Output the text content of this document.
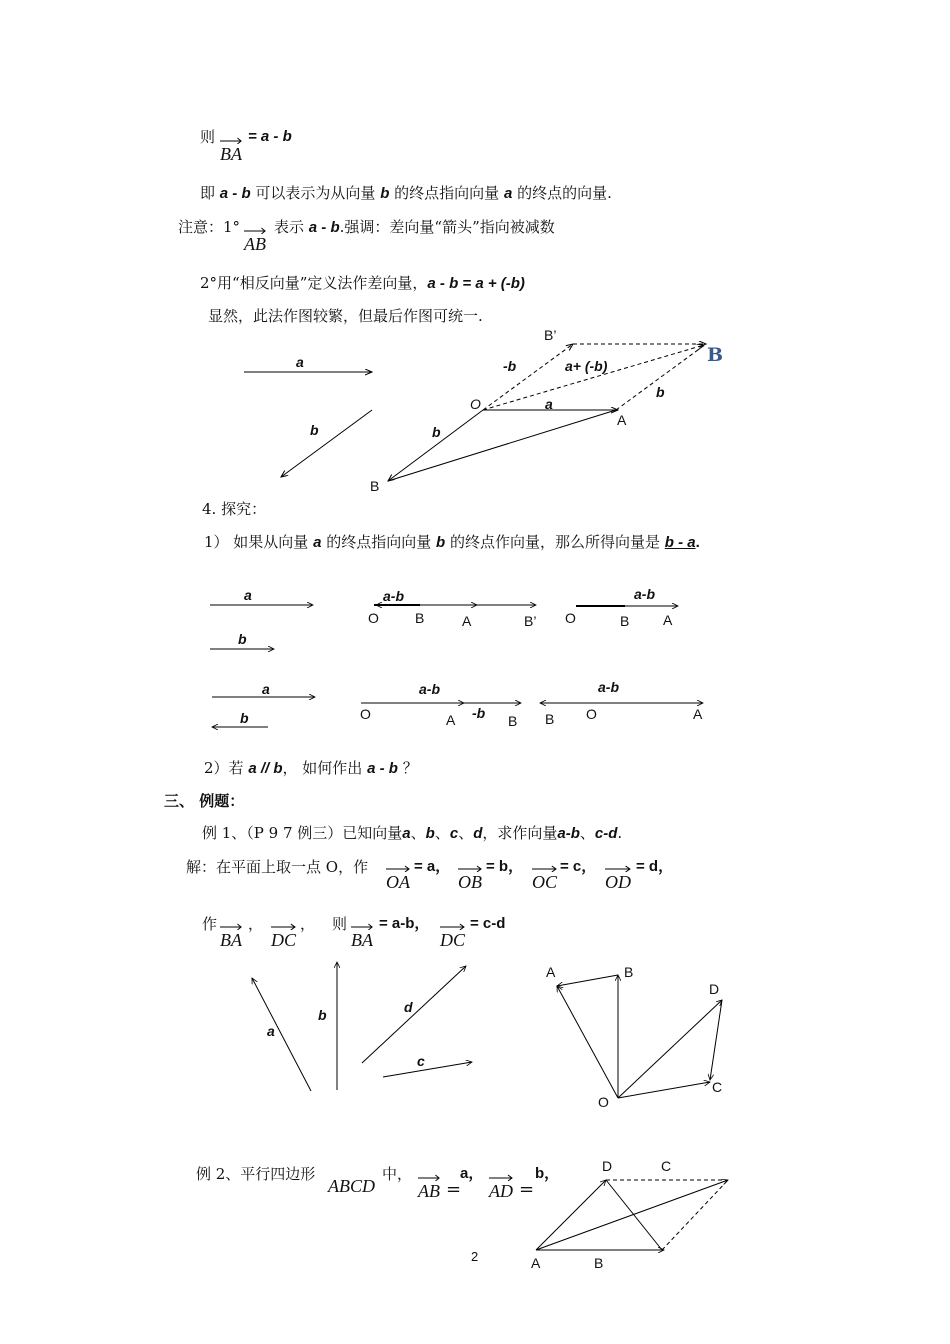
则
BA
= a - b
即 a - b 可以表示为从向量 b 的终点指向向量 a 的终点的向量.
注意：1°
AB
表示 a - b.强调：差向量“箭头”指向被减数
2°用“相反向量”定义法作差向量，a - b = a + (-b)
显然，此法作图较繁，但最后作图可统一.
a
b
B’
B
-b	a+ (-b)
b
O	a
A
b
B
4. 探究：
1） 如果从向量 a 的终点指向向量 b 的终点作向量，那么所得向量是 b - a.
a
b
a-b
O	B	A	B’
a-b
O	B A
a
b
a-b
O	A -b B
a-b
B O	A
2）若 a // b， 如何作出 a - b ？
三、 例题：
例 1、（P 9 7 例三）已知向量a、b、c、d，求作向量a-b、c-d.
解：在平面上取一点 O，作
OA
= a，
OB
= b，
OC
= c，
OD
= d，
作
BA
，
DC
， 则
BA
= a-b，
DC
= c-d
a
b	d
c
A	B
D
C
O
例 2、平行四边形
ABCD
中，
AB =
a，
AD =
b，	D	C
A	B
2
